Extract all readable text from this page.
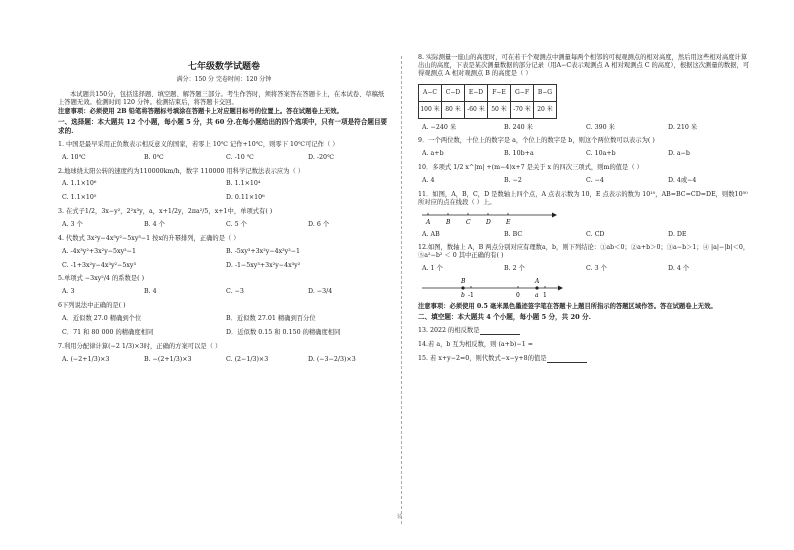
七年级数学试题卷
满分：150 分 完卷时间：120 分钟
本试题共150分，包括选择题、填空题、解答题三部分。考生作答时，须将答案答在答题卡上，在本试卷、草稿纸上答题无效。检测时间 120 分钟。检测结束后，将答题卡交回。
注意事项：必须使用 2B 铅笔将答题标号填涂在答题卡上对应题目标号的位置上。答在试题卷上无效。
一、选择题：本大题共 12 个小题，每小题 5 分，共 60 分.在每小题给出的四个选项中，只有一项是符合题目要求的.
1. 中国是最早采用正负数表示相反意义的国家，若零上 10℃ 记作+10℃，则零下 10℃可记作（ ）
A. 10℃	B. 0℃	C. -10 ℃	D. -20℃
2.地球绕太阳公转的速度约为110000km/h，数字 110000 用科学记数法表示应为（ ）
A. 1.1×10⁶	B. 1.1×10⁴
C. 1.1×10⁵	D. 0.11×10⁶
3. 在式子1/2，3x−y²，2²x³y，a，x+1/2y，2πa²/5，x+1中，单项式有( )
A. 3 个	B. 4 个	C. 5 个	D. 6 个
4. 代数式 3x²y−4x³y²−5xy³−1 按x的升幂排列，正确的是（ ）
A. -4x³y²+3x²y−5xy³−1	B. -5xy³+3x²y−4x³y²−1
C. -1+3x²y−4x³y²−5xy³	D. -1−5xy³+3x²y−4x³y²
5.单项式 −3xy²/4 的系数是( )
A. 3	B. 4	C. −3	D. −3/4
6下列说法中正确的是( )
A．近似数 27.0 精确到个位	B．近似数 27.01 精确到百分位
C．71 和 80 000 的精确度相同	D．近似数 0.15 和 0.150 的精确度相同
7.利用分配律计算(−2 1/3)×3时，正确的方案可以是（ ）
A. (−2+1/3)×3	B. −(2+1/3)×3	C. (2−1/3)×3	D. (−3−2/3)×3
装
8. 实际测量一座山的高度时，可在若干个观测点中测量每两个相邻的可视观测点的相对高度，然后用这些相对高度计算出山的高度，下表是某次测量数据的部分记录（用A−C表示观测点 A 相对观测点 C 的高度），根据这次测量的数据，可得观测点 A 相对观测点 B 的高度是（ ）
A−C	C−D	E−D	F−E	G−F	B−G
100 米	80 米	-60 米	50 米	-70 米	20 米
A. −240 米	B. 240 米	C. 390 米	D. 210 米
9．一个两位数，十位上的数字是 a，个位上的数字是 b，则这个两位数可以表示为( )
A. a+b	B. 10b+a	C. 10a+b	D. a−b
10．多项式 1/2 x^|m| +(m−4)x+7 是关于 x 的四次三项式，则m的值是（ ）
A. 4	B. −2	C. −4	D. 4或−4
11．如图，A，B，C，D 是数轴上四个点，A 点表示数为 10，E 点表示的数为 10¹⁰，AB=BC=CD=DE，则数10⁵⁰所对应的点在线段（ ）上。
A	B	C	D	E
A. AB	B. BC	C. CD	D. DE
12.如图，数轴上 A，B 两点分别对应有理数a，b，则下列结论：①ab＜0；②a+b＞0；③a−b＞1；④ |a|−|b|＜0，⑤a²−b² ＜ 0 其中正确的有( )
A. 1 个	B. 2 个	C. 3 个	D. 4 个
B	A
b -1	0	a 1
注意事项：必须使用 0.5 毫米黑色墨迹签字笔在答题卡上题目所指示的答题区域作答。答在试题卷上无效。
二、填空题：本大题共 4 个小题，每小题 5 分，共 20 分.
13. 2022 的相反数是
14.若 a，b 互为相反数，则 (a+b)−1 =
15. 若 x+y−2=0，则代数式−x−y+8的值是
